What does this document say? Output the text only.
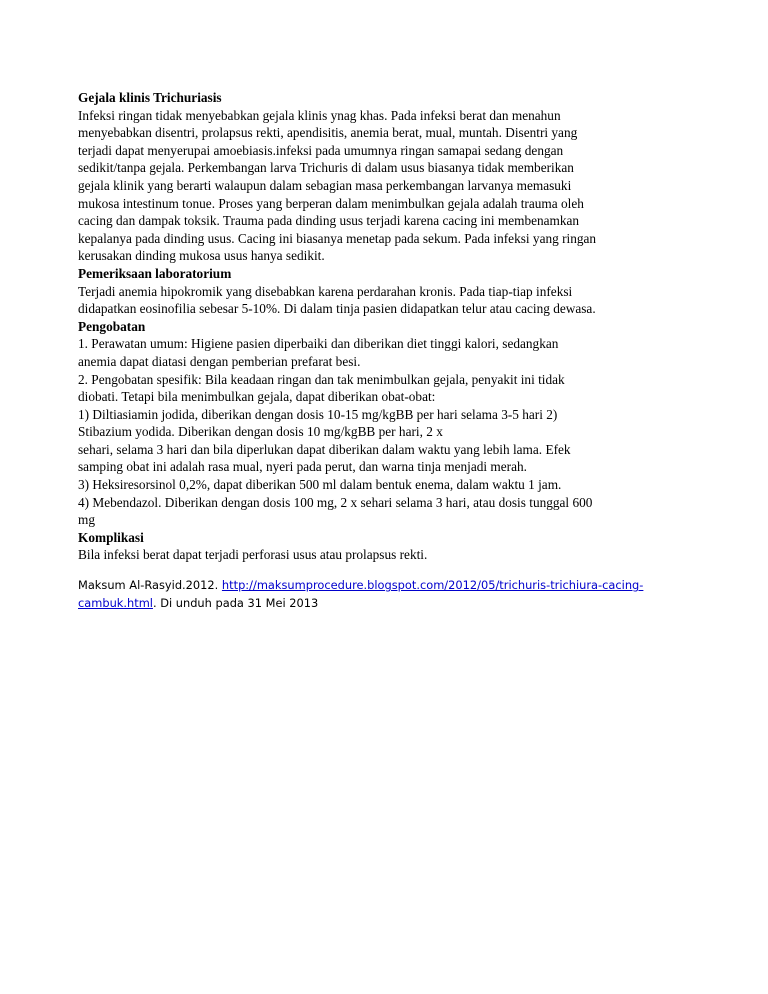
Gejala klinis Trichuriasis
Infeksi ringan tidak menyebabkan gejala klinis ynag khas. Pada infeksi berat dan menahun
menyebabkan disentri, prolapsus rekti, apendisitis, anemia berat, mual, muntah. Disentri yang
terjadi dapat menyerupai amoebiasis.infeksi pada umumnya ringan samapai sedang dengan
sedikit/tanpa gejala. Perkembangan larva Trichuris di dalam usus biasanya tidak memberikan
gejala klinik yang berarti walaupun dalam sebagian masa perkembangan larvanya memasuki
mukosa intestinum tonue. Proses yang berperan dalam menimbulkan gejala adalah trauma oleh
cacing dan dampak toksik. Trauma pada dinding usus terjadi karena cacing ini membenamkan
kepalanya pada dinding usus. Cacing ini biasanya menetap pada sekum. Pada infeksi yang ringan
kerusakan dinding mukosa usus hanya sedikit.
Pemeriksaan laboratorium
Terjadi anemia hipokromik yang disebabkan karena perdarahan kronis. Pada tiap-tiap infeksi
didapatkan eosinofilia sebesar 5-10%. Di dalam tinja pasien didapatkan telur atau cacing dewasa.
Pengobatan
1. Perawatan umum: Higiene pasien diperbaiki dan diberikan diet tinggi kalori, sedangkan
anemia dapat diatasi dengan pemberian prefarat besi.
2. Pengobatan spesifik: Bila keadaan ringan dan tak menimbulkan gejala, penyakit ini tidak
diobati. Tetapi bila menimbulkan gejala, dapat diberikan obat-obat:
1) Diltiasiamin jodida, diberikan dengan dosis 10-15 mg/kgBB per hari selama 3-5 hari 2)
Stibazium yodida. Diberikan dengan dosis 10 mg/kgBB per hari, 2 x
sehari, selama 3 hari dan bila diperlukan dapat diberikan dalam waktu yang lebih lama. Efek
samping obat ini adalah rasa mual, nyeri pada perut, dan warna tinja menjadi merah.
3) Heksiresorsinol 0,2%, dapat diberikan 500 ml dalam bentuk enema, dalam waktu 1 jam.
4) Mebendazol. Diberikan dengan dosis 100 mg, 2 x sehari selama 3 hari, atau dosis tunggal 600
mg
Komplikasi
Bila infeksi berat dapat terjadi perforasi usus atau prolapsus rekti.
Maksum Al-Rasyid.2012. http://maksumprocedure.blogspot.com/2012/05/trichuris-trichiura-cacing-
cambuk.html. Di unduh pada 31 Mei 2013
